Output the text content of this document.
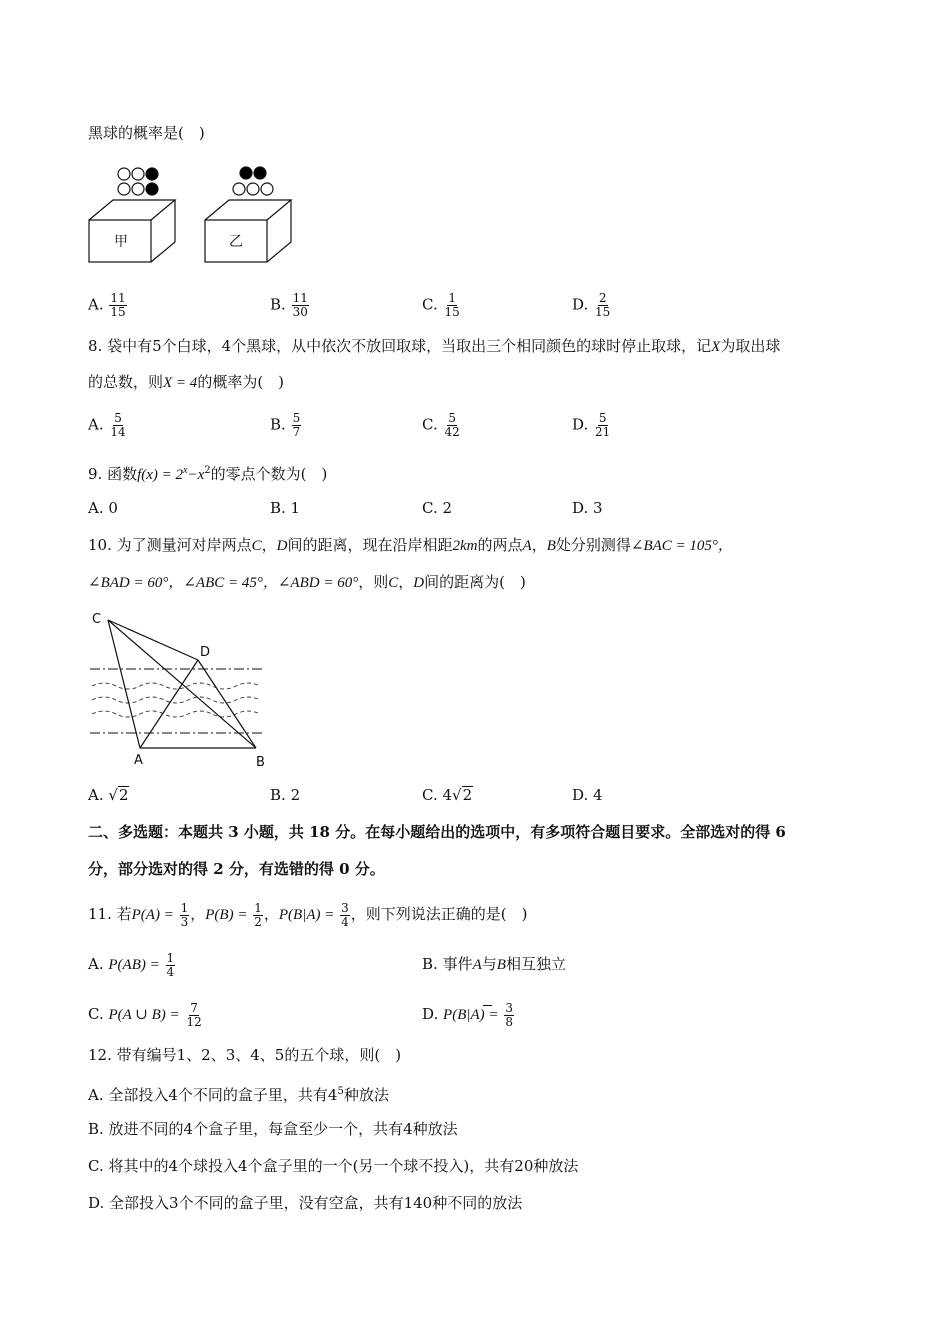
黑球的概率是(　)
甲	乙
A. $\frac{11}{15}$	B. $\frac{11}{30}$	C. $\frac{1}{15}$	D. $\frac{2}{15}$
8. 袋中有5个白球，4个黑球，从中依次不放回取球，当取出三个相同颜色的球时停止取球，记X为取出球
的总数，则X = 4的概率为(　)
A. $\frac{5}{14}$	B. $\frac{5}{7}$	C. $\frac{5}{42}$	D. $\frac{5}{21}$
9. 函数$f(x) = 2^x-x^2$的零点个数为(　)
A. 0	B. 1	C. 2	D. 3
10. 为了测量河对岸两点C，D间的距离，现在沿岸相距2km的两点A，B处分别测得∠BAC = 105°，
∠BAD = 60°，∠ABC = 45°，∠ABD = 60°，则C，D间的距离为(　)
C
D
A	B
A. √2	B. 2	C. 4√2	D. 4
二、多选题：本题共 3 小题，共 18 分。在每小题给出的选项中，有多项符合题目要求。全部选对的得 6
分，部分选对的得 2 分，有选错的得 0 分。
11. 若$P(A) = \frac{1}{3}$ ，$P(B) = \frac{1}{2}$ ，$P(B|A) = \frac{3}{4}$ ，则下列说法正确的是(　)
A. $P(AB) = \frac{1}{4}$	B. 事件A与B相互独立
C. P(A ∪ $B) = \frac{7}{12}$	D. P(B|A) =
$\frac{3}{8}$
12. 带有编号1、2、3、4、5的五个球，则(　)
A. 全部投入4个不同的盒子里，共有$4^5$种放法
B. 放进不同的4个盒子里，每盒至少一个，共有4种放法
C. 将其中的4个球投入4个盒子里的一个(另一个球不投入)，共有20种放法
D. 全部投入3个不同的盒子里，没有空盒，共有140种不同的放法
